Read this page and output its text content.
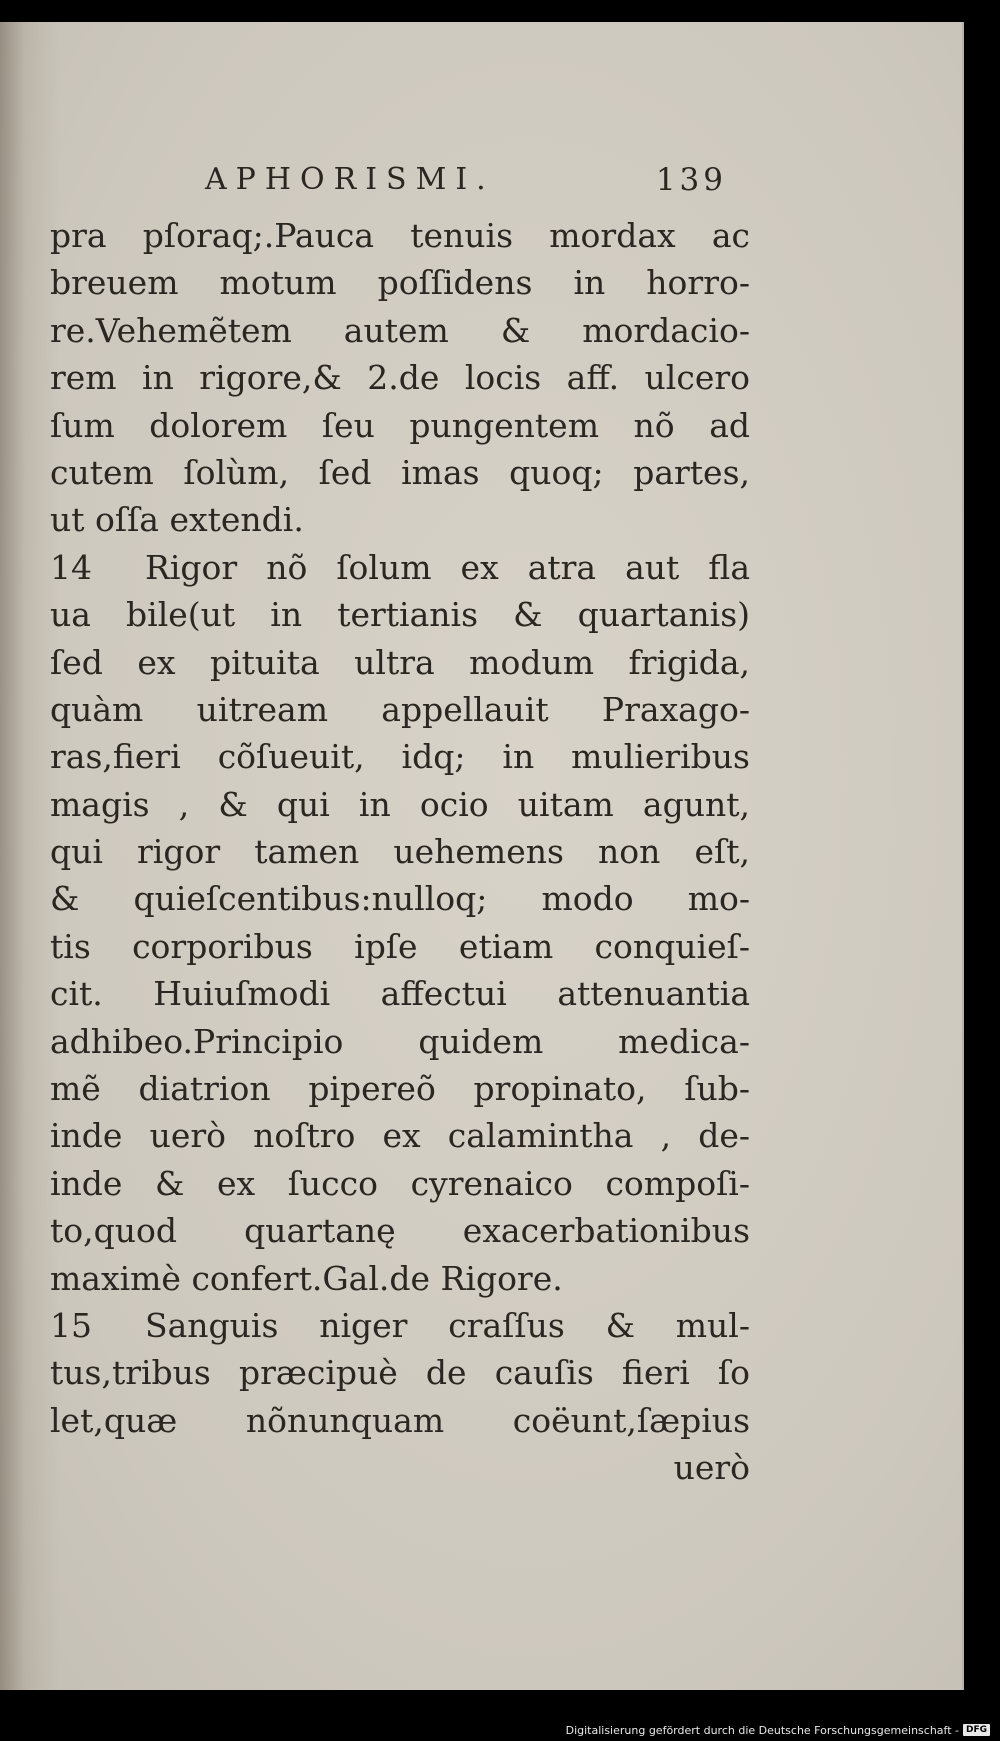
APHORISMI.	139
pra pſoraq;.Pauca tenuis mordax ac
breuem motum poſſidens in horro-
re.Vehemẽtem autem & mordacio-
rem in rigore,& 2.de locis aff. ulcero
ſum dolorem ſeu pungentem nõ ad
cutem ſolùm, ſed imas quoq; partes,
ut oſſa extendi.
14 Rigor nõ ſolum ex atra aut fla
ua bile(ut in tertianis & quartanis)
ſed ex pituita ultra modum frigida,
quàm uitream appellauit Praxago-
ras,fieri cõſueuit, idq; in mulieribus
magis , & qui in ocio uitam agunt,
qui rigor tamen uehemens non eſt,
& quieſcentibus:nulloq; modo mo-
tis corporibus ipſe etiam conquieſ-
cit. Huiuſmodi affectui attenuantia
adhibeo.Principio quidem medica-
mẽ diatrion pipereõ propinato, ſub-
inde uerò noſtro ex calamintha , de-
inde & ex ſucco cyrenaico compoſi-
to,quod quartanę exacerbationibus
maximè confert.Gal.de Rigore.
15 Sanguis niger craſſus & mul-
tus,tribus præcipuè de cauſis fieri ſo
let,quæ nõnunquam coëunt,ſæpius
uerò
Digitalisierung gefördert durch die Deutsche Forschungsgemeinschaft - DFG
